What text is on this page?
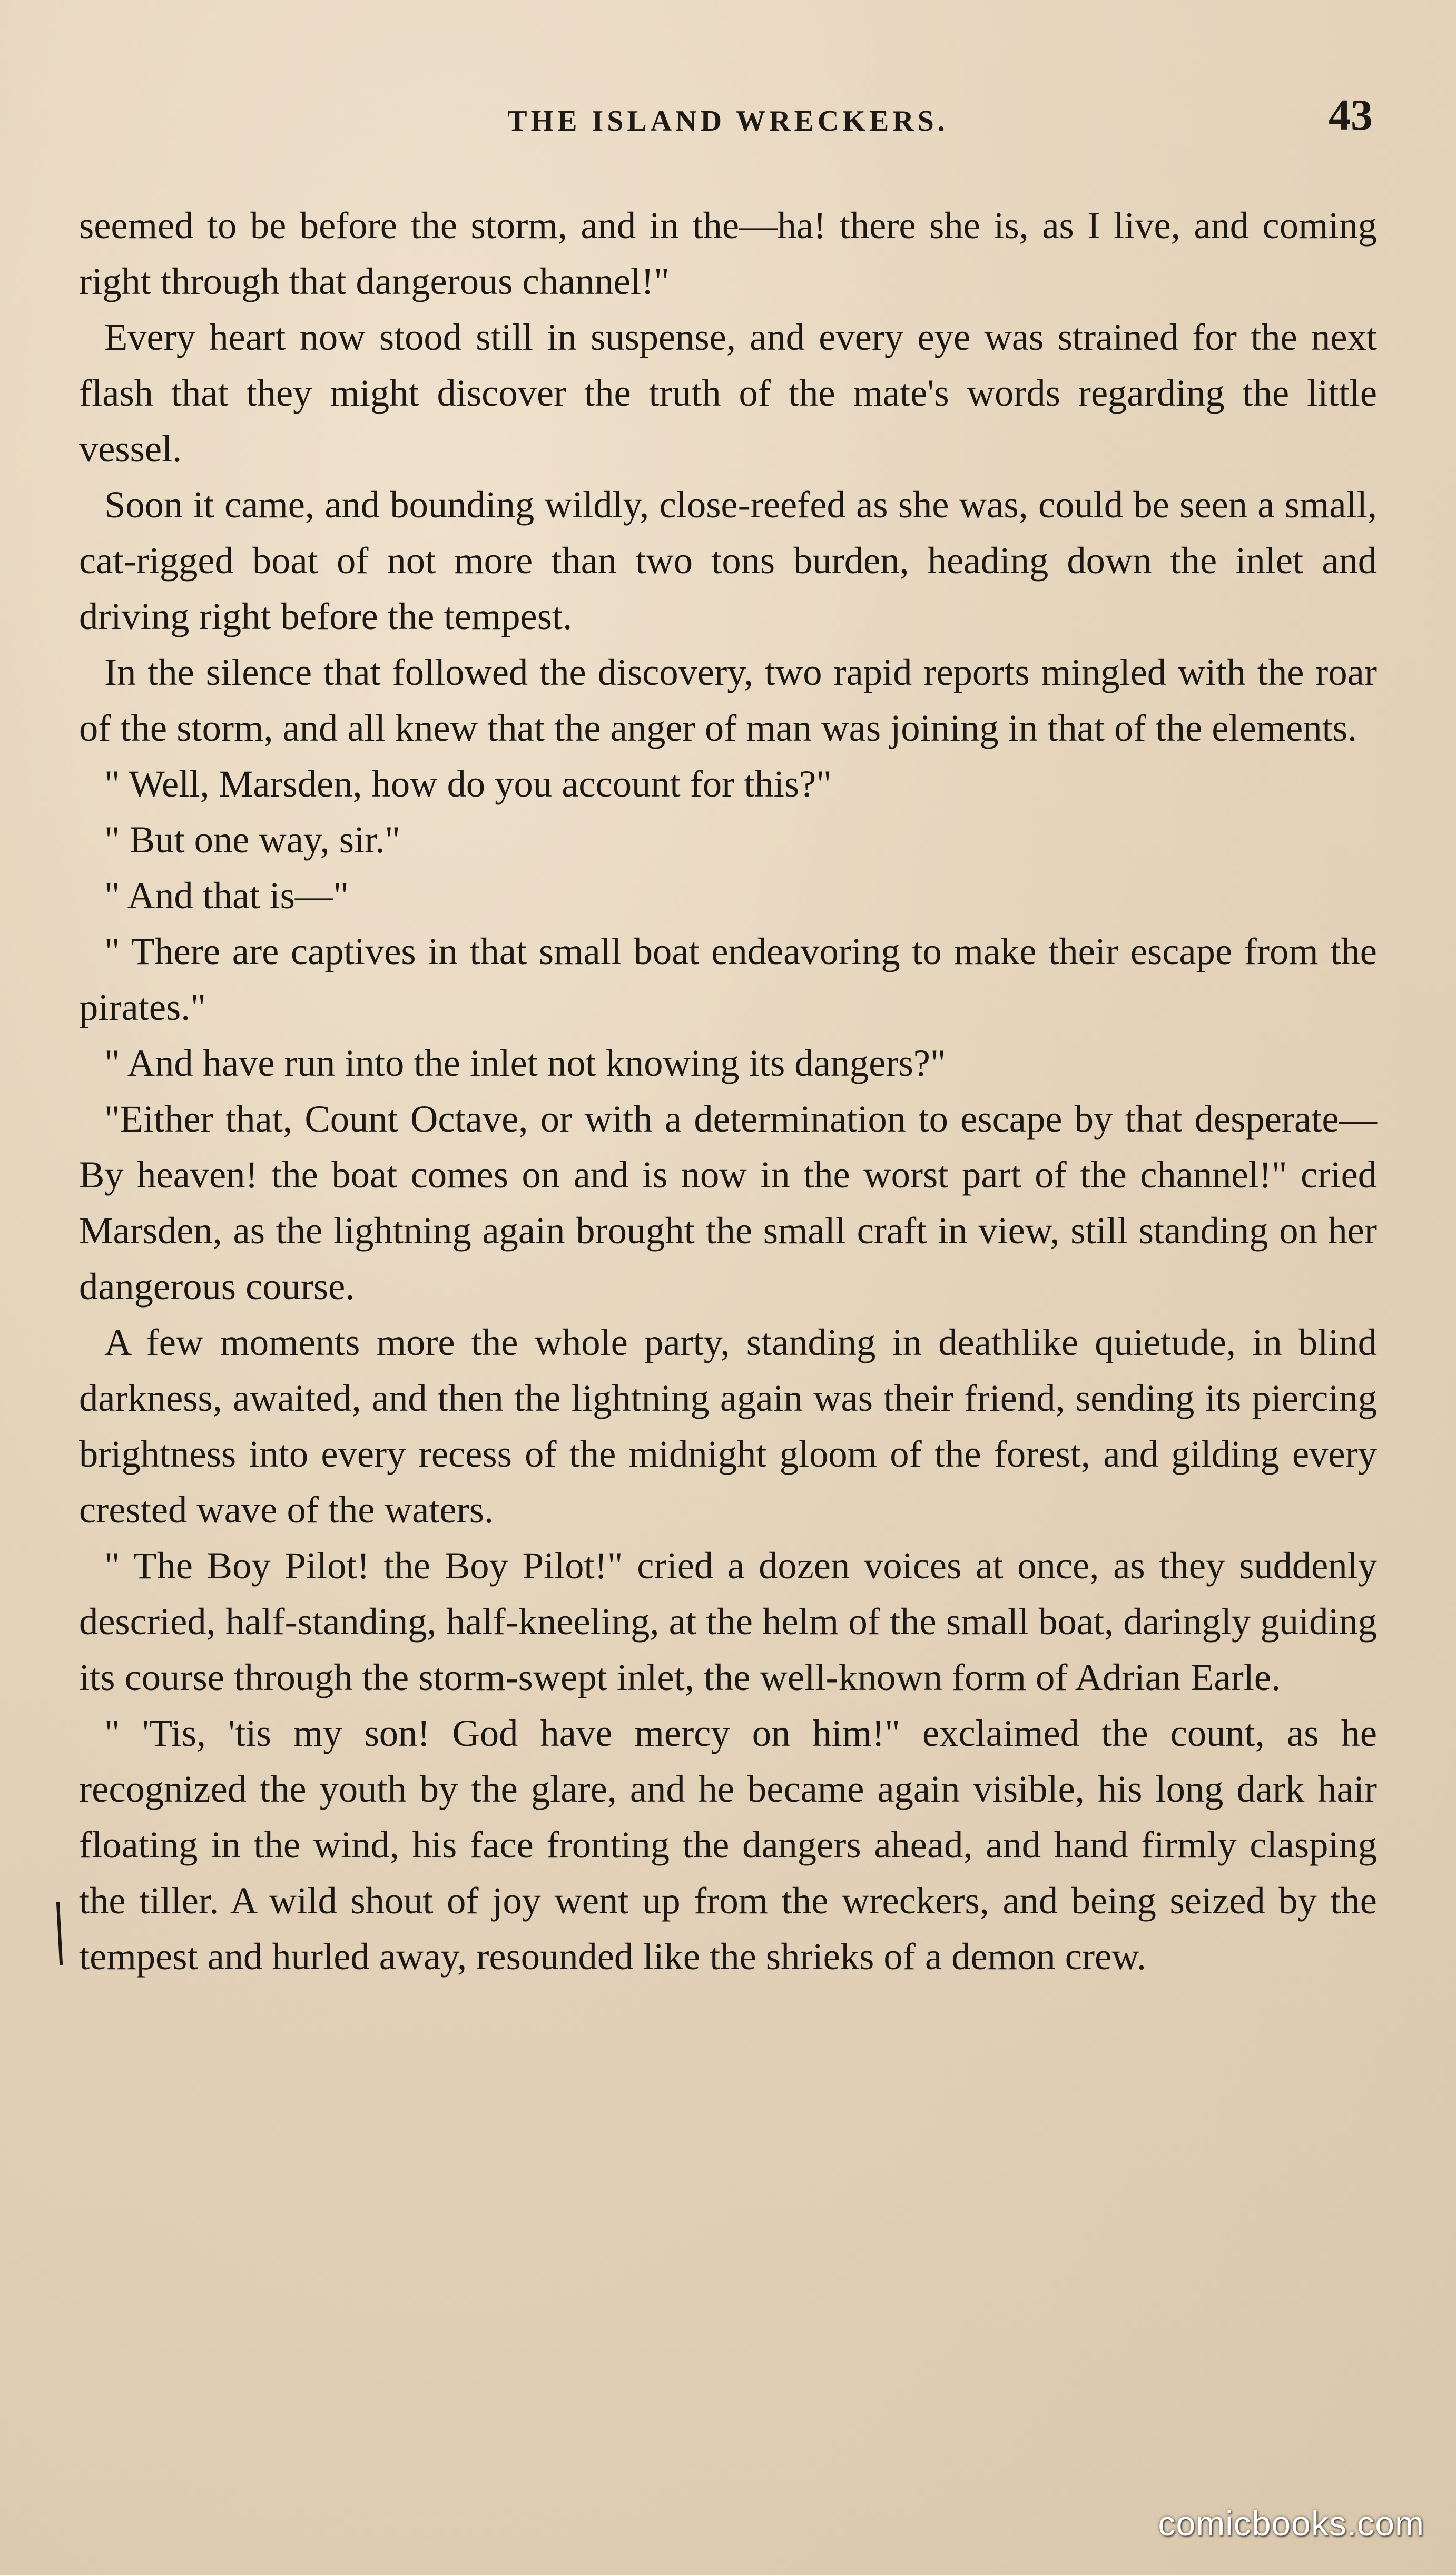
THE ISLAND WRECKERS.	43

seemed to be before the storm, and in the—ha! there she is, as I live, and coming right through that dangerous channel!"

Every heart now stood still in suspense, and every eye was strained for the next flash that they might discover the truth of the mate's words regarding the little vessel.

Soon it came, and bounding wildly, close-reefed as she was, could be seen a small, cat-rigged boat of not more than two tons burden, heading down the inlet and driving right before the tempest.

In the silence that followed the discovery, two rapid reports mingled with the roar of the storm, and all knew that the anger of man was joining in that of the elements.

" Well, Marsden, how do you account for this?"

" But one way, sir."

" And that is—"

" There are captives in that small boat endeavoring to make their escape from the pirates."

" And have run into the inlet not knowing its dangers?"

"Either that, Count Octave, or with a determination to escape by that desperate— By heaven! the boat comes on and is now in the worst part of the channel!" cried Marsden, as the lightning again brought the small craft in view, still standing on her dangerous course.

A few moments more the whole party, standing in deathlike quietude, in blind darkness, awaited, and then the lightning again was their friend, sending its piercing brightness into every recess of the midnight gloom of the forest, and gilding every crested wave of the waters.

" The Boy Pilot! the Boy Pilot!" cried a dozen voices at once, as they suddenly descried, half-standing, half-kneeling, at the helm of the small boat, daringly guiding its course through the storm-swept inlet, the well-known form of Adrian Earle.

" 'Tis, 'tis my son! God have mercy on him!" exclaimed the count, as he recognized the youth by the glare, and he became again visible, his long dark hair floating in the wind, his face fronting the dangers ahead, and hand firmly clasping the tiller. A wild shout of joy went up from the wreckers, and being seized by the tempest and hurled away, resounded like the shrieks of a demon crew.

comicbooks.com
